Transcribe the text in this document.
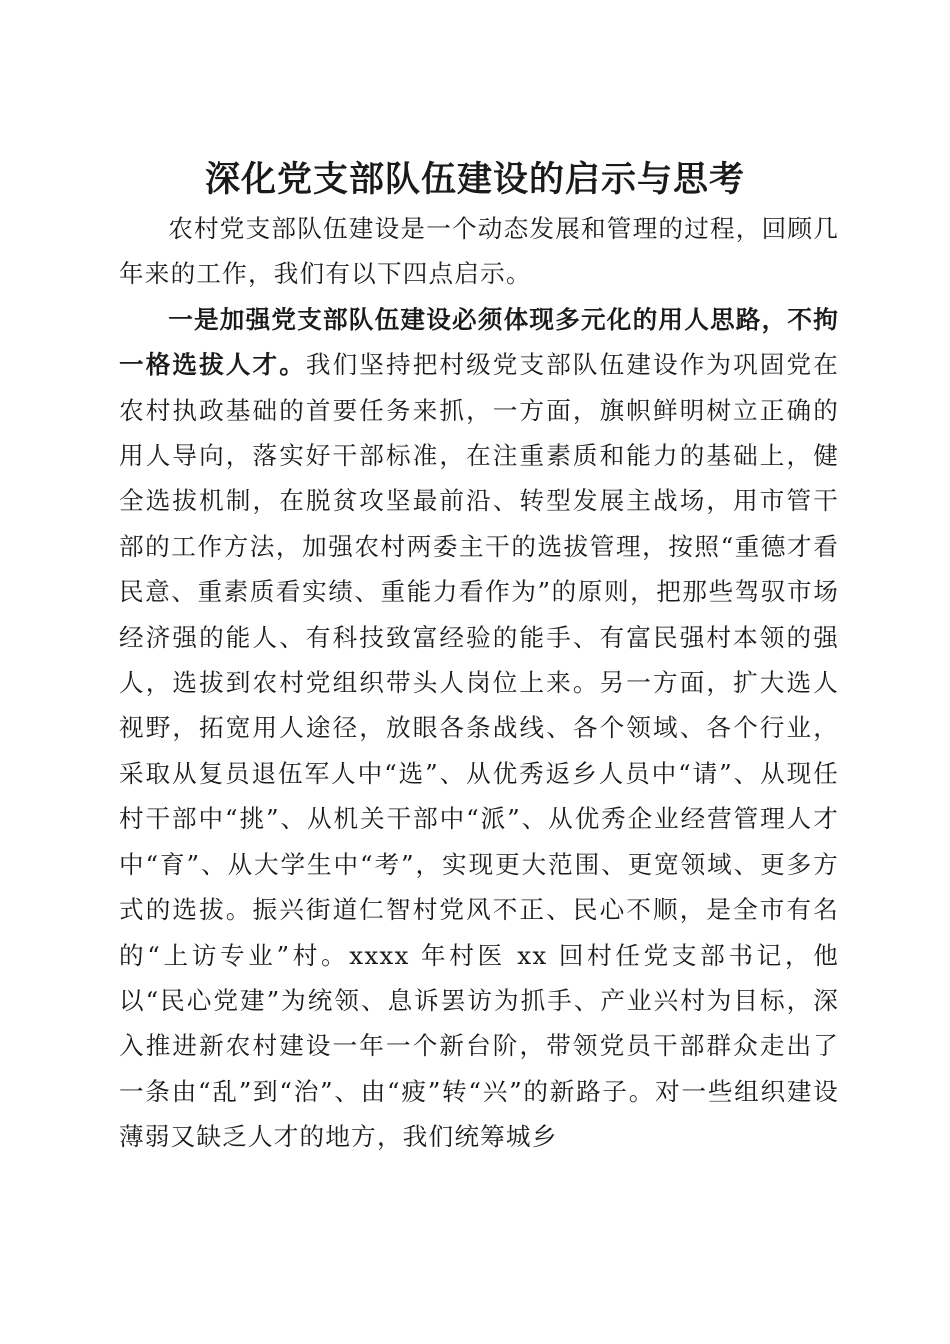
深化党支部队伍建设的启示与思考

农村党支部队伍建设是一个动态发展和管理的过程，回顾几年来的工作，我们有以下四点启示。

一是加强党支部队伍建设必须体现多元化的用人思路，不拘一格选拔人才。我们坚持把村级党支部队伍建设作为巩固党在农村执政基础的首要任务来抓，一方面，旗帜鲜明树立正确的用人导向，落实好干部标准，在注重素质和能力的基础上，健全选拔机制，在脱贫攻坚最前沿、转型发展主战场，用市管干部的工作方法，加强农村两委主干的选拔管理，按照“重德才看民意、重素质看实绩、重能力看作为”的原则，把那些驾驭市场经济强的能人、有科技致富经验的能手、有富民强村本领的强人，选拔到农村党组织带头人岗位上来。另一方面，扩大选人视野，拓宽用人途径，放眼各条战线、各个领域、各个行业，采取从复员退伍军人中“选”、从优秀返乡人员中“请”、从现任村干部中“挑”、从机关干部中“派”、从优秀企业经营管理人才中“育”、从大学生中“考”，实现更大范围、更宽领域、更多方式的选拔。振兴街道仁智村党风不正、民心不顺，是全市有名的“上访专业”村。xxxx 年村医 xx 回村任党支部书记，他以“民心党建”为统领、息诉罢访为抓手、产业兴村为目标，深入推进新农村建设一年一个新台阶，带领党员干部群众走出了一条由“乱”到“治”、由“疲”转“兴”的新路子。对一些组织建设薄弱又缺乏人才的地方，我们统筹城乡
